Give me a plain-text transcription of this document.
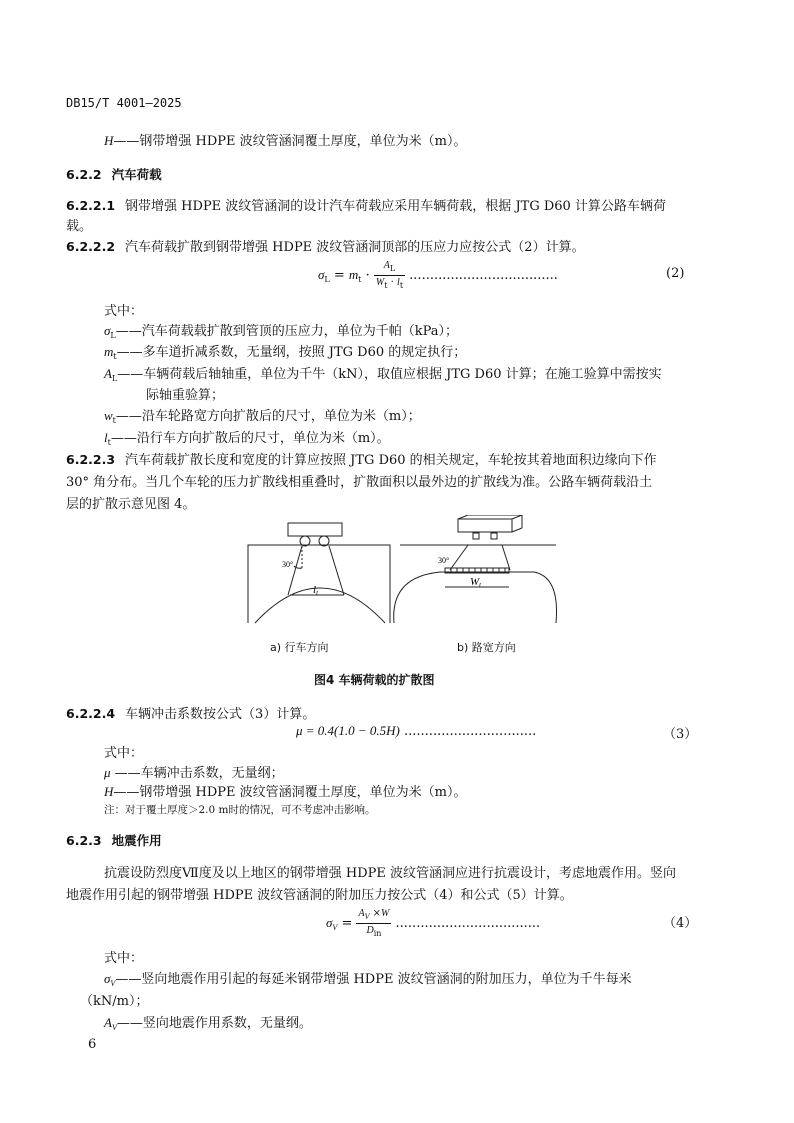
DB15/T 4001—2025
H——钢带增强 HDPE 波纹管涵洞覆土厚度，单位为米（m）。
6.2.2 汽车荷载
6.2.2.1 钢带增强 HDPE 波纹管涵洞的设计汽车荷载应采用车辆荷载，根据 JTG D60 计算公路车辆荷
载。
6.2.2.2 汽车荷载扩散到钢带增强 HDPE 波纹管涵洞顶部的压应力应按公式（2）计算。
$\sigma_L = m_t \cdot \frac{A_L}{W_t \cdot l_t}$ ....................................	(2)
式中：
$\sigma_L——$汽车荷载载扩散到管顶的压应力，单位为千帕（kPa）；
$m_t——$多车道折减系数，无量纲，按照 JTG D60 的规定执行；
$A_L——$车辆荷载后轴轴重，单位为千牛（kN），取值应根据 JTG D60 计算；在施工验算中需按实
际轴重验算；
$w_t——$沿车轮路宽方向扩散后的尺寸，单位为米（m）；
$l_t——$沿行车方向扩散后的尺寸，单位为米（m）。
6.2.2.3 汽车荷载扩散长度和宽度的计算应按照 JTG D60 的相关规定，车轮按其着地面积边缘向下作
30° 角分布。当几个车轮的压力扩散线相重叠时，扩散面积以最外边的扩散线为准。公路车辆荷载沿土
层的扩散示意见图 4。
30°
lt
30°
Wt
a) 行车方向	b) 路宽方向
图4 车辆荷载的扩散图
6.2.2.4 车辆冲击系数按公式（3）计算。
μ = 0.4(1.0 − 0.5H) ................................	（3）
式中：
μ ——车辆冲击系数，无量纲；
H——钢带增强 HDPE 波纹管涵洞覆土厚度，单位为米（m）。
注：对于覆土厚度＞2.0 m时的情况，可不考虑冲击影响。
6.2.3 地震作用
抗震设防烈度Ⅶ度及以上地区的钢带增强 HDPE 波纹管涵洞应进行抗震设计，考虑地震作用。竖向
地震作用引起的钢带增强 HDPE 波纹管涵洞的附加压力按公式（4）和公式（5）计算。
$\sigma_V = \frac{A_V \times W}{D_{in}}$ ...................................	（4）
式中：
$\sigma_V——$竖向地震作用引起的每延米钢带增强 HDPE 波纹管涵洞的附加压力，单位为千牛每米
（kN/m）；
$A_V——$竖向地震作用系数，无量纲。
6
